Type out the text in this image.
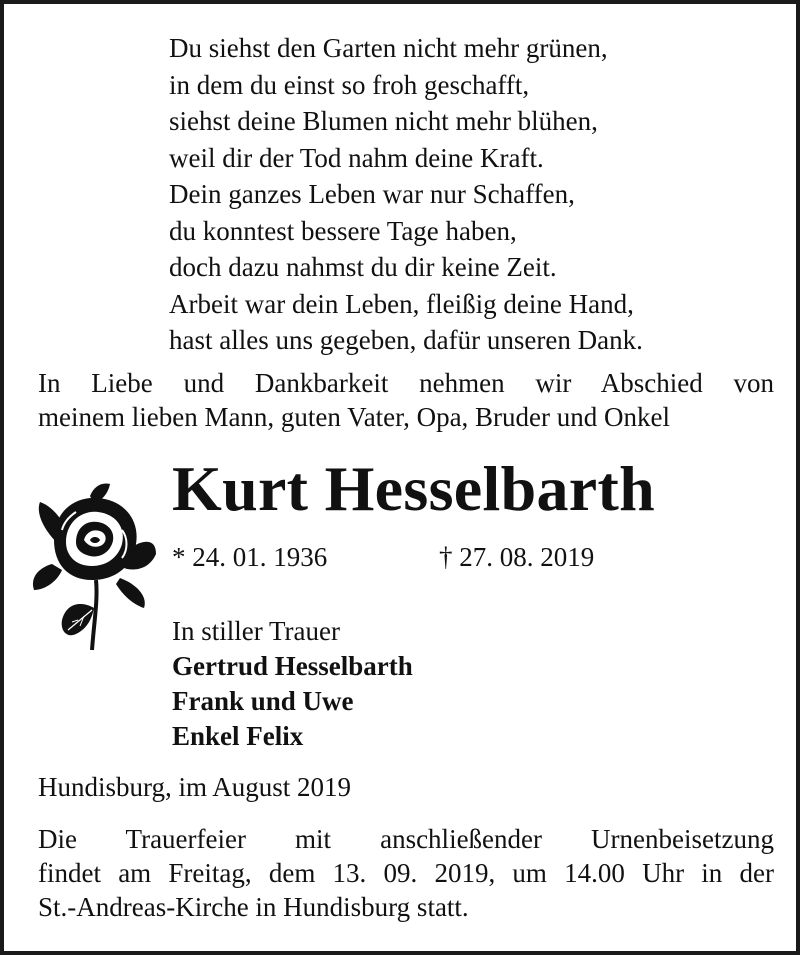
Du siehst den Garten nicht mehr grünen,
in dem du einst so froh geschafft,
siehst deine Blumen nicht mehr blühen,
weil dir der Tod nahm deine Kraft.
Dein ganzes Leben war nur Schaffen,
du konntest bessere Tage haben,
doch dazu nahmst du dir keine Zeit.
Arbeit war dein Leben, fleißig deine Hand,
hast alles uns gegeben, dafür unseren Dank.
In Liebe und Dankbarkeit nehmen wir Abschied von
meinem lieben Mann, guten Vater, Opa, Bruder und Onkel
Kurt Hesselbarth
* 24. 01. 1936	† 27. 08. 2019
In stiller Trauer
Gertrud Hesselbarth
Frank und Uwe
Enkel Felix
Hundisburg, im August 2019
Die Trauerfeier mit anschließender Urnenbeisetzung
findet am Freitag, dem 13. 09. 2019, um 14.00 Uhr in der
St.-Andreas-Kirche in Hundisburg statt.
